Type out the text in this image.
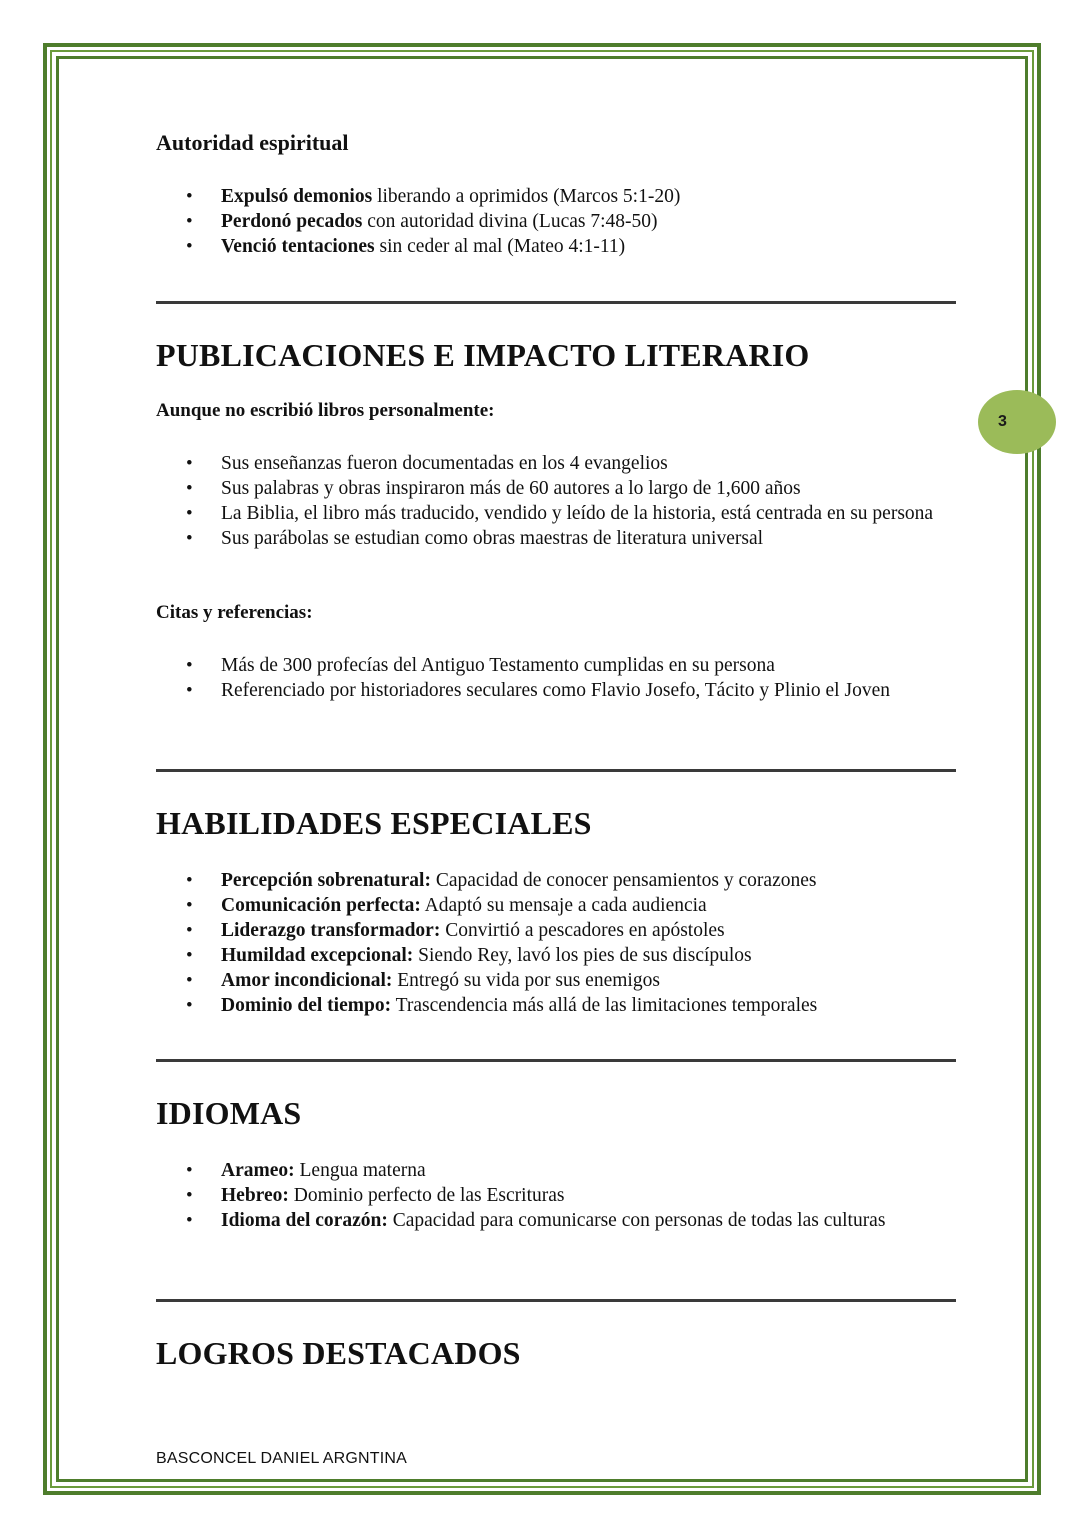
3
Autoridad espiritual
• Expulsó demonios liberando a oprimidos (Marcos 5:1-20)
• Perdonó pecados con autoridad divina (Lucas 7:48-50)
• Venció tentaciones sin ceder al mal (Mateo 4:1-11)
PUBLICACIONES E IMPACTO LITERARIO
Aunque no escribió libros personalmente:
• Sus enseñanzas fueron documentadas en los 4 evangelios
• Sus palabras y obras inspiraron más de 60 autores a lo largo de 1,600 años
• La Biblia, el libro más traducido, vendido y leído de la historia, está centrada en su persona
• Sus parábolas se estudian como obras maestras de literatura universal
Citas y referencias:
• Más de 300 profecías del Antiguo Testamento cumplidas en su persona
• Referenciado por historiadores seculares como Flavio Josefo, Tácito y Plinio el Joven
HABILIDADES ESPECIALES
• Percepción sobrenatural: Capacidad de conocer pensamientos y corazones
• Comunicación perfecta: Adaptó su mensaje a cada audiencia
• Liderazgo transformador: Convirtió a pescadores en apóstoles
• Humildad excepcional: Siendo Rey, lavó los pies de sus discípulos
• Amor incondicional: Entregó su vida por sus enemigos
• Dominio del tiempo: Trascendencia más allá de las limitaciones temporales
IDIOMAS
• Arameo: Lengua materna
• Hebreo: Dominio perfecto de las Escrituras
• Idioma del corazón: Capacidad para comunicarse con personas de todas las culturas
LOGROS DESTACADOS
BASCONCEL DANIEL ARGNTINA
